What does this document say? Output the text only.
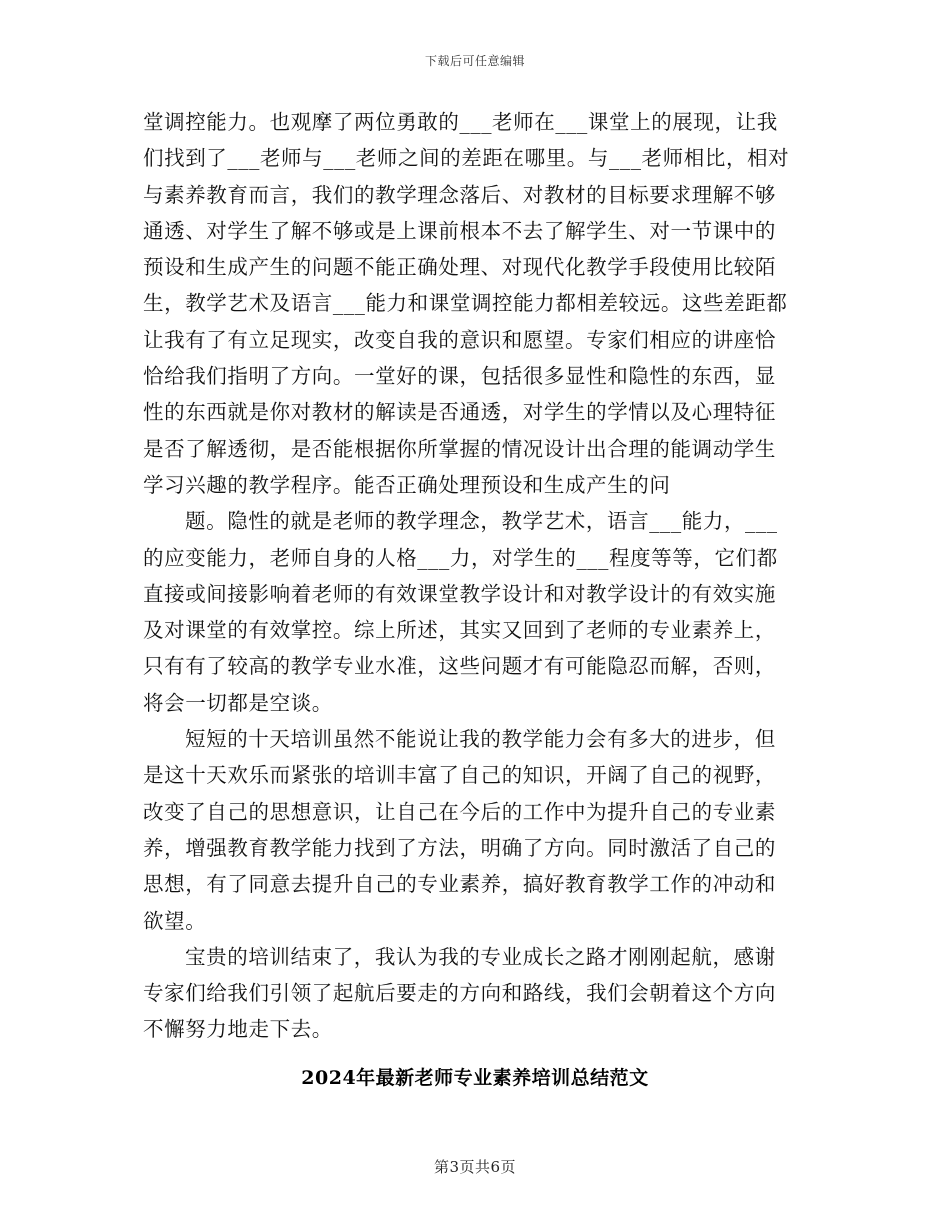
下载后可任意编辑
堂调控能力。也观摩了两位勇敢的___老师在___课堂上的展现，让我
们找到了___老师与___老师之间的差距在哪里。与___老师相比，相对
与素养教育而言，我们的教学理念落后、对教材的目标要求理解不够
通透、对学生了解不够或是上课前根本不去了解学生、对一节课中的
预设和生成产生的问题不能正确处理、对现代化教学手段使用比较陌
生，教学艺术及语言___能力和课堂调控能力都相差较远。这些差距都
让我有了有立足现实，改变自我的意识和愿望。专家们相应的讲座恰
恰给我们指明了方向。一堂好的课，包括很多显性和隐性的东西，显
性的东西就是你对教材的解读是否通透，对学生的学情以及心理特征
是否了解透彻，是否能根据你所掌握的情况设计出合理的能调动学生
学习兴趣的教学程序。能否正确处理预设和生成产生的问
题。隐性的就是老师的教学理念，教学艺术，语言___能力，___
的应变能力，老师自身的人格___力，对学生的___程度等等，它们都
直接或间接影响着老师的有效课堂教学设计和对教学设计的有效实施
及对课堂的有效掌控。综上所述，其实又回到了老师的专业素养上，
只有有了较高的教学专业水准，这些问题才有可能隐忍而解，否则，
将会一切都是空谈。
短短的十天培训虽然不能说让我的教学能力会有多大的进步，但
是这十天欢乐而紧张的培训丰富了自己的知识，开阔了自己的视野，
改变了自己的思想意识，让自己在今后的工作中为提升自己的专业素
养，增强教育教学能力找到了方法，明确了方向。同时激活了自己的
思想，有了同意去提升自己的专业素养，搞好教育教学工作的冲动和
欲望。
宝贵的培训结束了，我认为我的专业成长之路才刚刚起航，感谢
专家们给我们引领了起航后要走的方向和路线，我们会朝着这个方向
不懈努力地走下去。
2024年最新老师专业素养培训总结范文
第3页共6页
